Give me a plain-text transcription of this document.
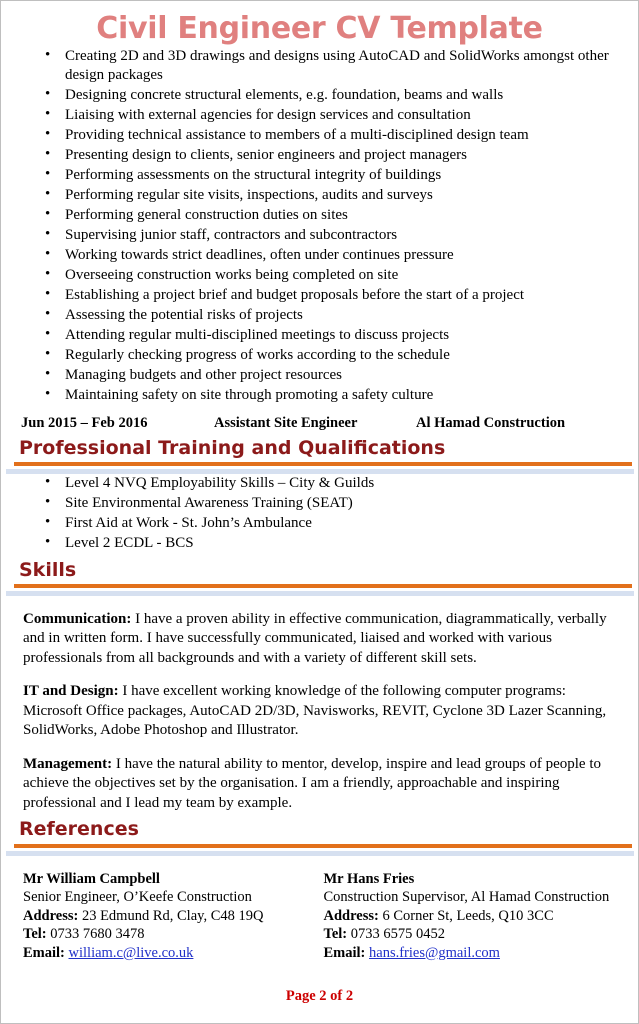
Civil Engineer CV Template
• Creating 2D and 3D drawings and designs using AutoCAD and SolidWorks amongst other design packages
• Designing concrete structural elements, e.g. foundation, beams and walls
• Liaising with external agencies for design services and consultation
• Providing technical assistance to members of a multi-disciplined design team
• Presenting design to clients, senior engineers and project managers
• Performing assessments on the structural integrity of buildings
• Performing regular site visits, inspections, audits and surveys
• Performing general construction duties on sites
• Supervising junior staff, contractors and subcontractors
• Working towards strict deadlines, often under continues pressure
• Overseeing construction works being completed on site
• Establishing a project brief and budget proposals before the start of a project
• Assessing the potential risks of projects
• Attending regular multi-disciplined meetings to discuss projects
• Regularly checking progress of works according to the schedule
• Managing budgets and other project resources
• Maintaining safety on site through promoting a safety culture
Jun 2015 – Feb 2016	Assistant Site Engineer	Al Hamad Construction
Professional Training and Qualifications
• Level 4 NVQ Employability Skills – City & Guilds
• Site Environmental Awareness Training (SEAT)
• First Aid at Work - St. John’s Ambulance
• Level 2 ECDL - BCS
Skills

Communication: I have a proven ability in effective communication, diagrammatically, verbally and in written form. I have successfully communicated, liaised and worked with various professionals from all backgrounds and with a variety of different skill sets.

IT and Design: I have excellent working knowledge of the following computer programs: Microsoft Office packages, AutoCAD 2D/3D, Navisworks, REVIT, Cyclone 3D Lazer Scanning, SolidWorks, Adobe Photoshop and Illustrator.

Management: I have the natural ability to mentor, develop, inspire and lead groups of people to achieve the objectives set by the organisation. I am a friendly, approachable and inspiring professional and I lead my team by example.

References
Mr William Campbell
Senior Engineer, O’Keefe Construction
Address: 23 Edmund Rd, Clay, C48 19Q
Tel: 0733 7680 3478
Email: william.c@live.co.uk
Mr Hans Fries
Construction Supervisor, Al Hamad Construction
Address: 6 Corner St, Leeds, Q10 3CC
Tel: 0733 6575 0452
Email: hans.fries@gmail.com
Page 2 of 2
